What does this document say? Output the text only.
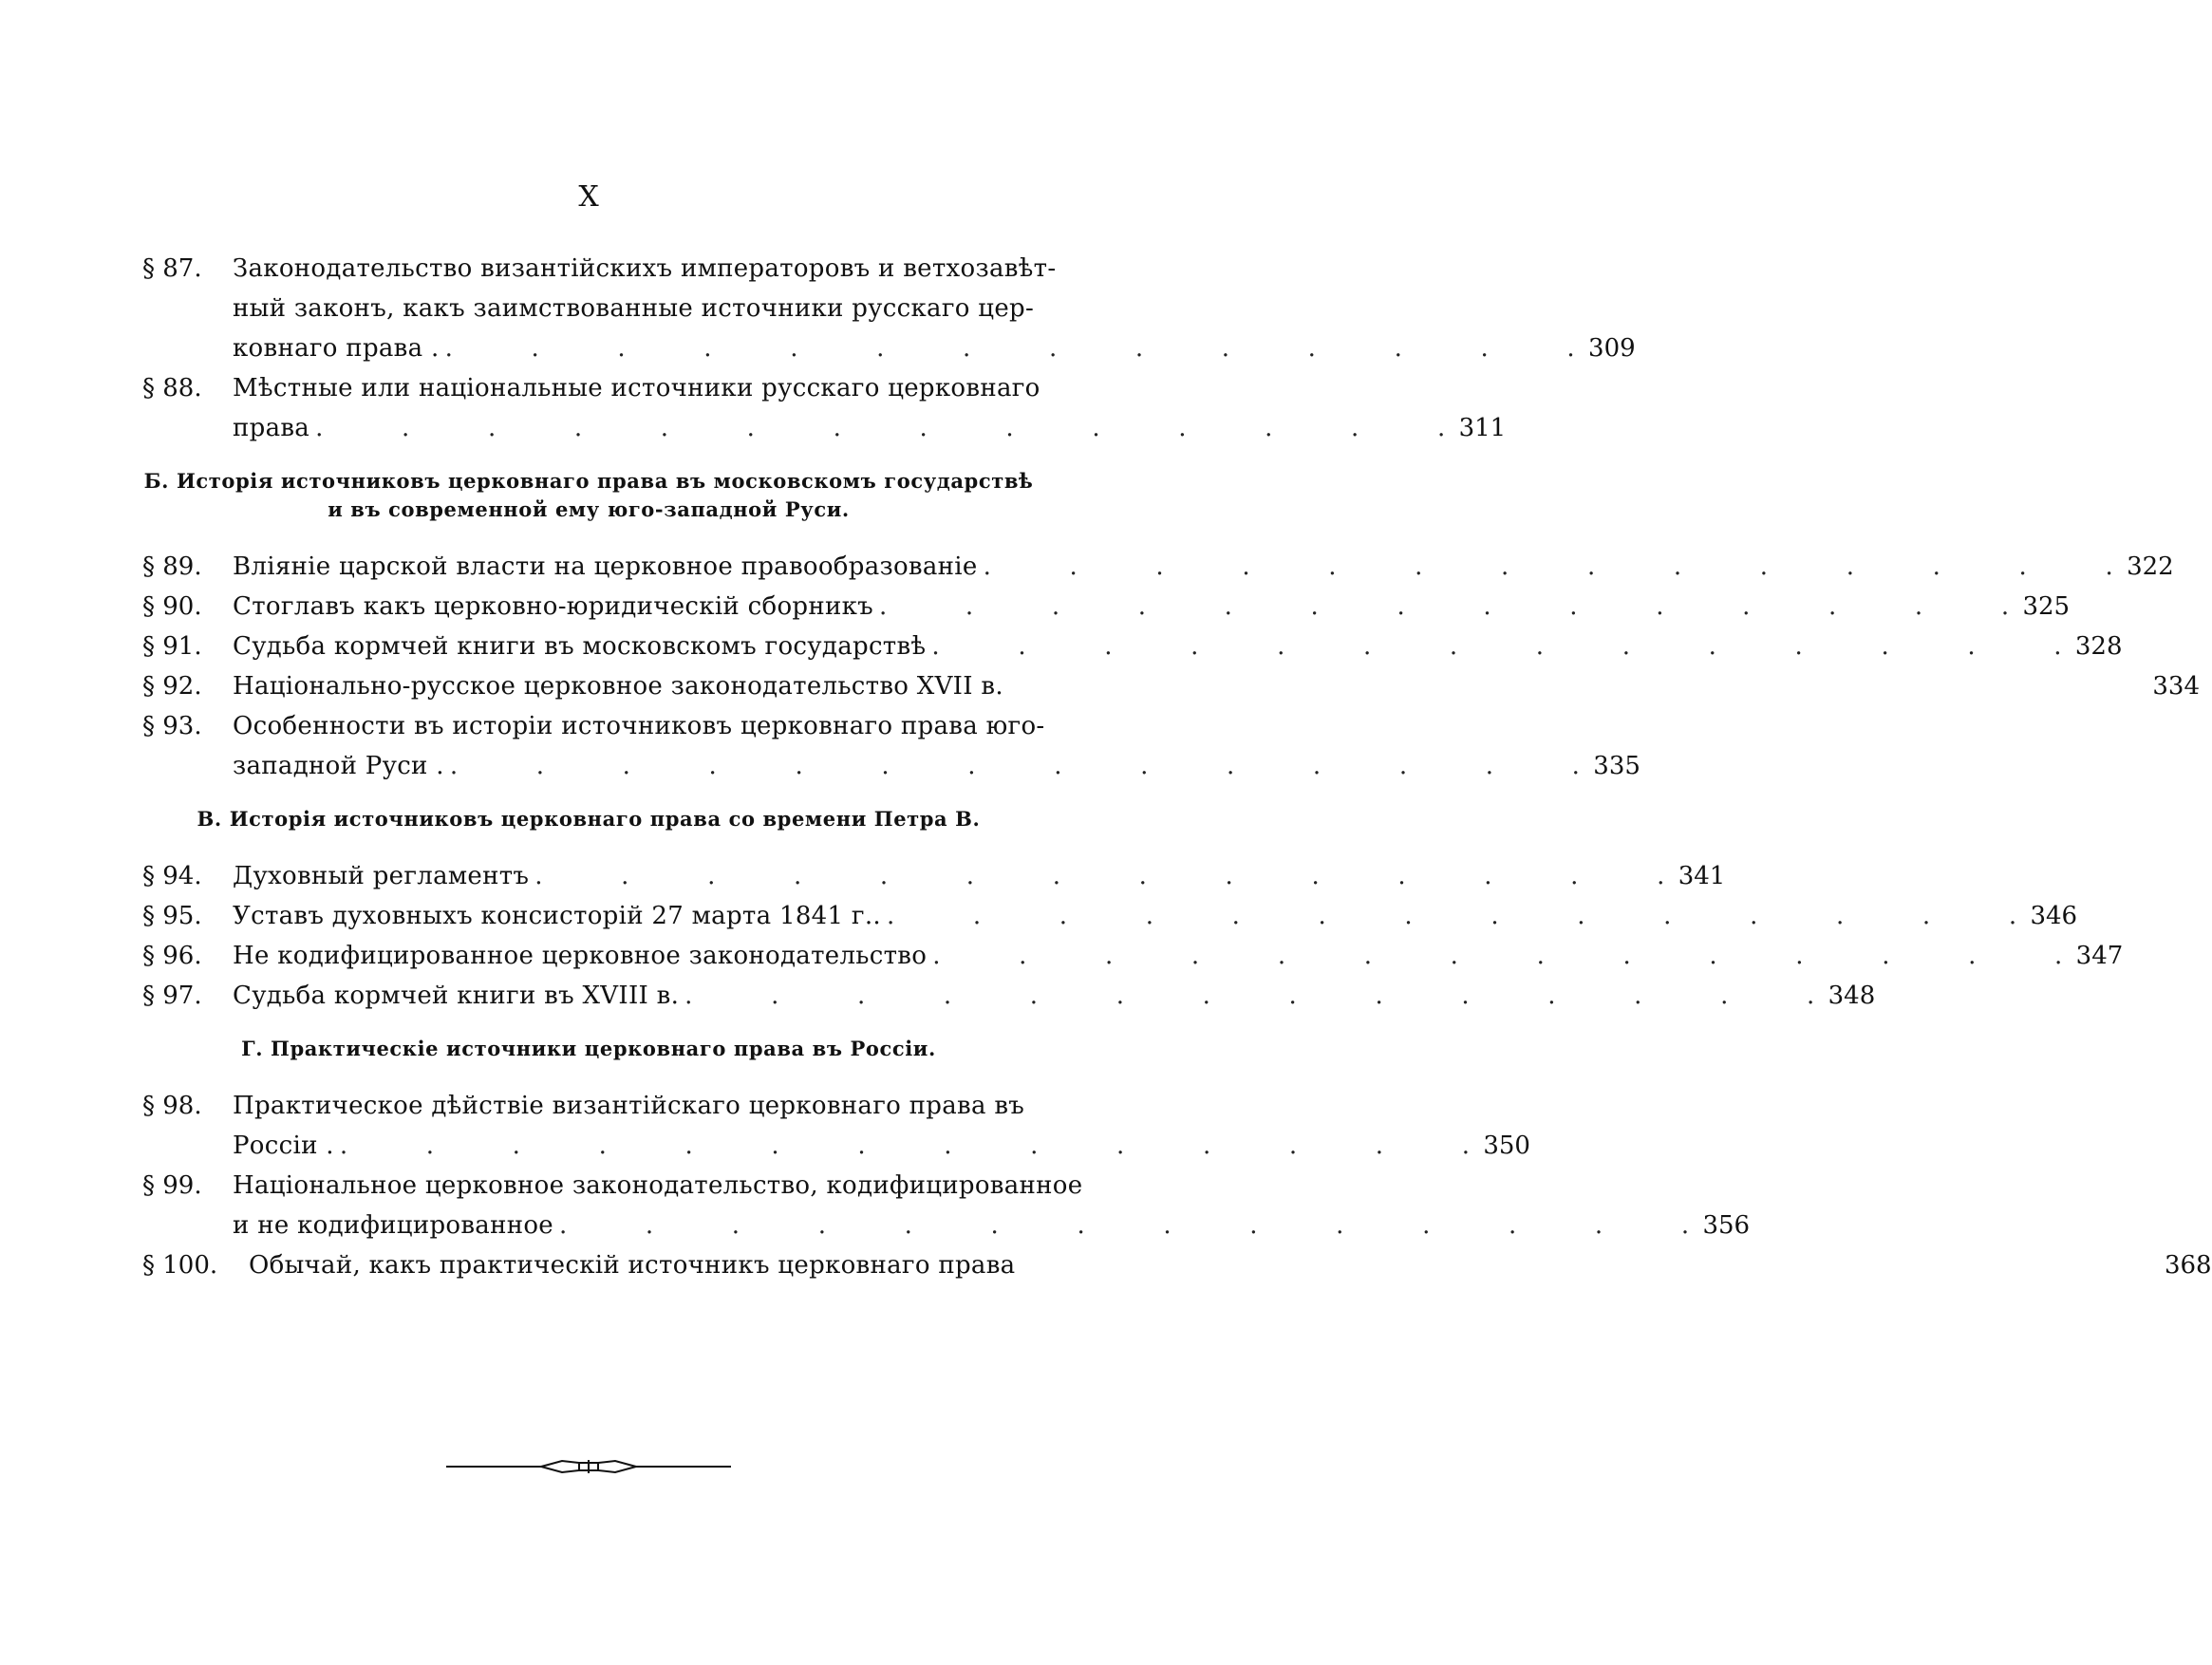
X
§ 87.	Законодательство византійскихъ императоровъ и ветхозавѣт-
ный законъ, какъ заимствованные источники русскаго цер-
ковнаго права . .	309
§ 88.	Мѣстные или національные источники русскаго церковнаго
права .	311
Б. Исторія источниковъ церковнаго права въ московскомъ государствѣ
и въ современной ему юго-западной Руси.
§ 89.	Вліяніе царской власти на церковное правообразованіе .	322
§ 90.	Стоглавъ какъ церковно-юридическій сборникъ .	325
§ 91.	Судьба кормчей книги въ московскомъ государствѣ .	328
§ 92.	Національно-русское церковное законодательство XVII в.	334
§ 93.	Особенности въ исторіи источниковъ церковнаго права юго-
западной Руси . .	335
В. Исторія источниковъ церковнаго права со времени Петра В.
§ 94.	Духовный регламентъ .	341
§ 95.	Уставъ духовныхъ консисторій 27 марта 1841 г.. .	346
§ 96.	Не кодифицированное церковное законодательство .	347
§ 97.	Судьба кормчей книги въ XVIII в. .	348
Г. Практическіе источники церковнаго права въ Россіи.
§ 98.	Практическое дѣйствіе византійскаго церковнаго права въ
Россіи . .	350
§ 99.	Національное церковное законодательство, кодифицированное
и не кодифицированное .	356
§ 100.	Обычай, какъ практическій источникъ церковнаго права	368
